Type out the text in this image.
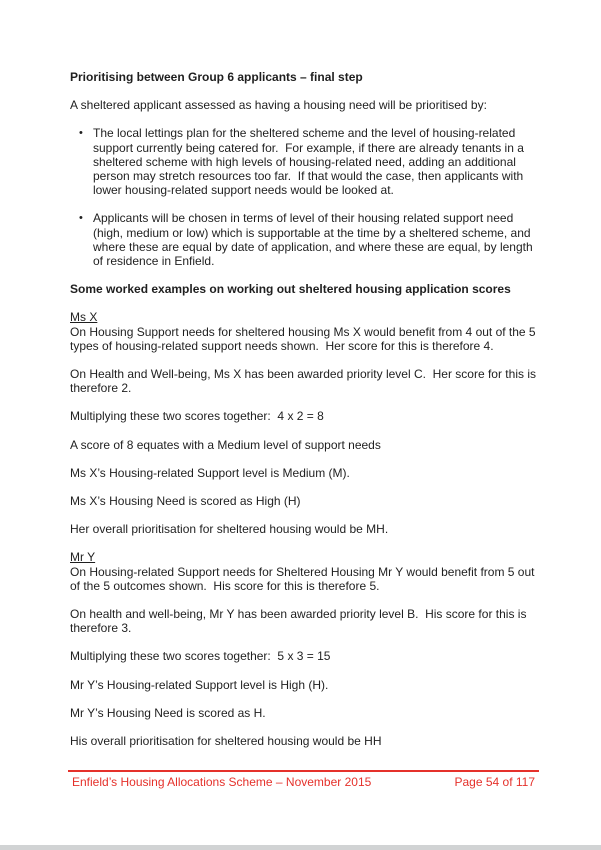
Prioritising between Group 6 applicants – final step

A sheltered applicant assessed as having a housing need will be prioritised by:

• The local lettings plan for the sheltered scheme and the level of housing-related support currently being catered for.  For example, if there are already tenants in a sheltered scheme with high levels of housing-related need, adding an additional person may stretch resources too far.  If that would the case, then applicants with lower housing-related support needs would be looked at.
• Applicants will be chosen in terms of level of their housing related support need (high, medium or low) which is supportable at the time by a sheltered scheme, and where these are equal by date of application, and where these are equal, by length of residence in Enfield.

Some worked examples on working out sheltered housing application scores

Ms X

On Housing Support needs for sheltered housing Ms X would benefit from 4 out of the 5 types of housing-related support needs shown.  Her score for this is therefore 4.

On Health and Well-being, Ms X has been awarded priority level C.  Her score for this is therefore 2.

Multiplying these two scores together:  4 x 2 = 8

A score of 8 equates with a Medium level of support needs

Ms X’s Housing-related Support level is Medium (M).

Ms X’s Housing Need is scored as High (H)

Her overall prioritisation for sheltered housing would be MH.

Mr Y

On Housing-related Support needs for Sheltered Housing Mr Y would benefit from 5 out of the 5 outcomes shown.  His score for this is therefore 5.

On health and well-being, Mr Y has been awarded priority level B.  His score for this is therefore 3.

Multiplying these two scores together:  5 x 3 = 15

Mr Y’s Housing-related Support level is High (H).

Mr Y’s Housing Need is scored as H.

His overall prioritisation for sheltered housing would be HH

Enfield’s Housing Allocations Scheme – November 2015	Page 54 of 117
